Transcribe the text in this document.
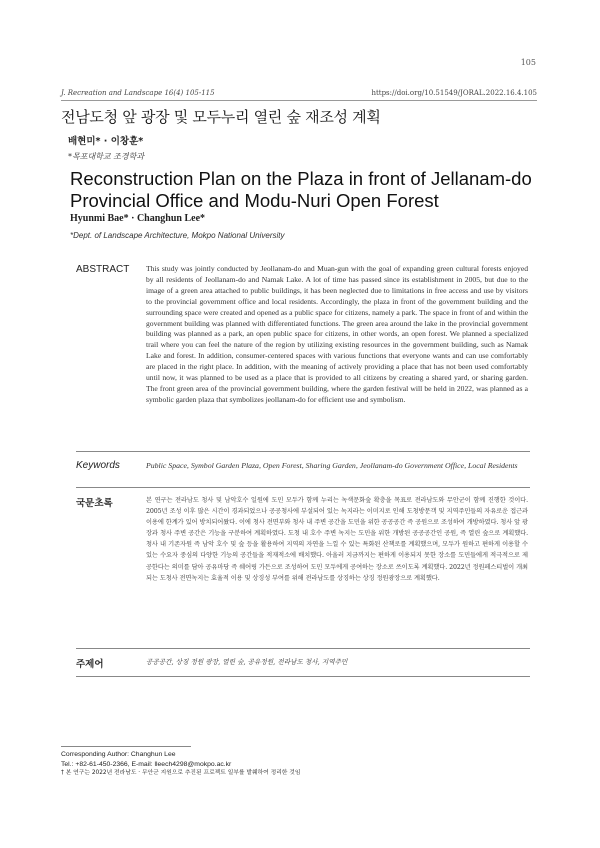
105
J. Recreation and Landscape 16(4) 105-115	https://doi.org/10.51549/JORAL.2022.16.4.105
전남도청 앞 광장 및 모두누리 열린 숲 재조성 계획
배현미* · 이창훈*
*목포대학교 조경학과
Reconstruction Plan on the Plaza in front of Jellanam-do Provincial Office and Modu-Nuri Open Forest
Hyunmi Bae* · Changhun Lee*
*Dept. of Landscape Architecture, Mokpo National University
ABSTRACT This study was jointly conducted by Jeollanam-do and Muan-gun with the goal of expanding green cultural forests enjoyed by all residents of Jeollanam-do and Namak Lake. A lot of time has passed since its establishment in 2005, but due to the image of a green area attached to public buildings, it has been neglected due to limitations in free access and use by visitors to the provincial government office and local residents. Accordingly, the plaza in front of the government building and the surrounding space were created and opened as a public space for citizens, namely a park. The space in front of and within the government building was planned with differentiated functions. The green area around the lake in the provincial government building was planned as a park, an open public space for citizens, in other words, an open forest. We planned a specialized trail where you can feel the nature of the region by utilizing existing resources in the government building, such as Namak Lake and forest. In addition, consumer-centered spaces with various functions that everyone wants and can use comfortably are placed in the right place. In addition, with the meaning of actively providing a place that has not been used comfortably until now, it was planned to be used as a place that is provided to all citizens by creating a shared yard, or sharing garden. The front green area of the provincial government building, where the garden festival will be held in 2022, was planned as a symbolic garden plaza that symbolizes jeollanam-do for efficient use and symbolism.
Keywords	Public Space, Symbol Garden Plaza, Open Forest, Sharing Garden, Jeollanam-do Government Office, Local Residents
국문초록	본 연구는 전라남도 청사 및 남악호수 일원에 도민 모두가 함께 누리는 녹색문화숲 확충을 목표로 전라남도와 무안군이 함께 진행한 것이다. 2005년 조성 이후 많은 시간이 경과되었으나 공공청사에 부설되어 있는 녹지라는 이미지로 인해 도청방문객 및 지역주민들의 자유로운 접근과 이용에 한계가 있어 방치되어왔다. 이에 청사 전면부와 청사 내 주변 공간을 도민을 위한 공공공간 즉 공원으로 조성하여 개방하였다. 청사 앞 광장과 청사 주변 공간은 기능을 구분하여 계획하였다. 도청 내 호수 주변 녹지는 도민을 위한 개방된 공공공간인 공원, 즉 열린 숲으로 계획했다. 청사 내 기존자원 즉 남악 호수 및 숲 등을 활용하여 지역의 자연을 느낄 수 있는 특화된 산책로를 계획했으며, 모두가 원하고 편하게 이용할 수 있는 수요자 중심의 다양한 기능의 공간들을 적재적소에 배치했다. 아울러 지금까지는 편하게 이용되지 못한 장소를 도민들에게 적극적으로 제공한다는 의미를 담아 공유마당 즉 쉐어링 가든으로 조성하여 도민 모두에게 공여하는 장소로 쓰이도록 계획했다. 2022년 정원페스티벌이 개최되는 도청사 전면녹지는 효율적 이용 및 상징성 부여를 위해 전라남도를 상징하는 상징 정원광장으로 계획했다.
주제어	공공공간, 상징 정원 광장, 열린 숲, 공유정원, 전라남도 청사, 지역주민
Corresponding Author: Changhun Lee
Tel.: +82-61-450-2366, E-mail: lleech4298@mokpo.ac.kr
† 본 연구는 2022년 전라남도 · 무안군 지원으로 추진된 프로젝트 일부를 발췌하여 정리한 것임
